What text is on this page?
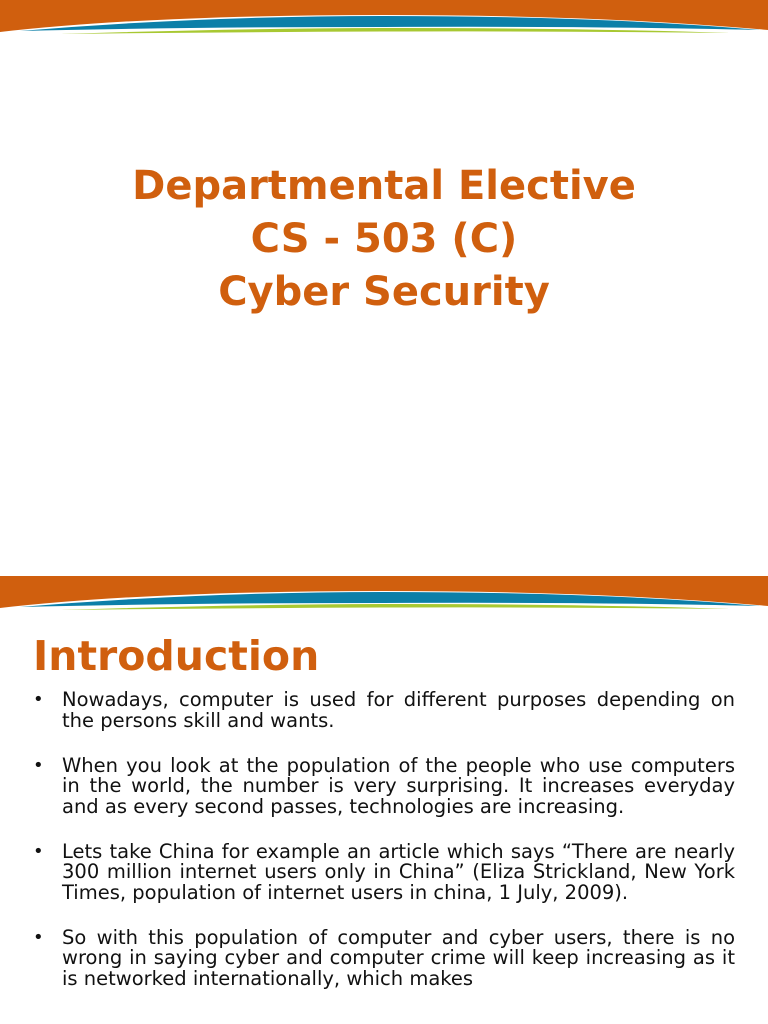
Departmental Elective
CS - 503 (C)
Cyber Security
Introduction
• Nowadays, computer is used for different purposes depending on the persons skill and wants.
• When you look at the population of the people who use computers in the world, the number is very surprising. It increases everyday and as every second passes, technologies are increasing.
• Lets take China for example an article which says “There are nearly 300 million internet users only in China” (Eliza Strickland, New York Times, population of internet users in china, 1 July, 2009).
• So with this population of computer and cyber users, there is no wrong in saying cyber and computer crime will keep increasing as it is networked internationally, which makes
